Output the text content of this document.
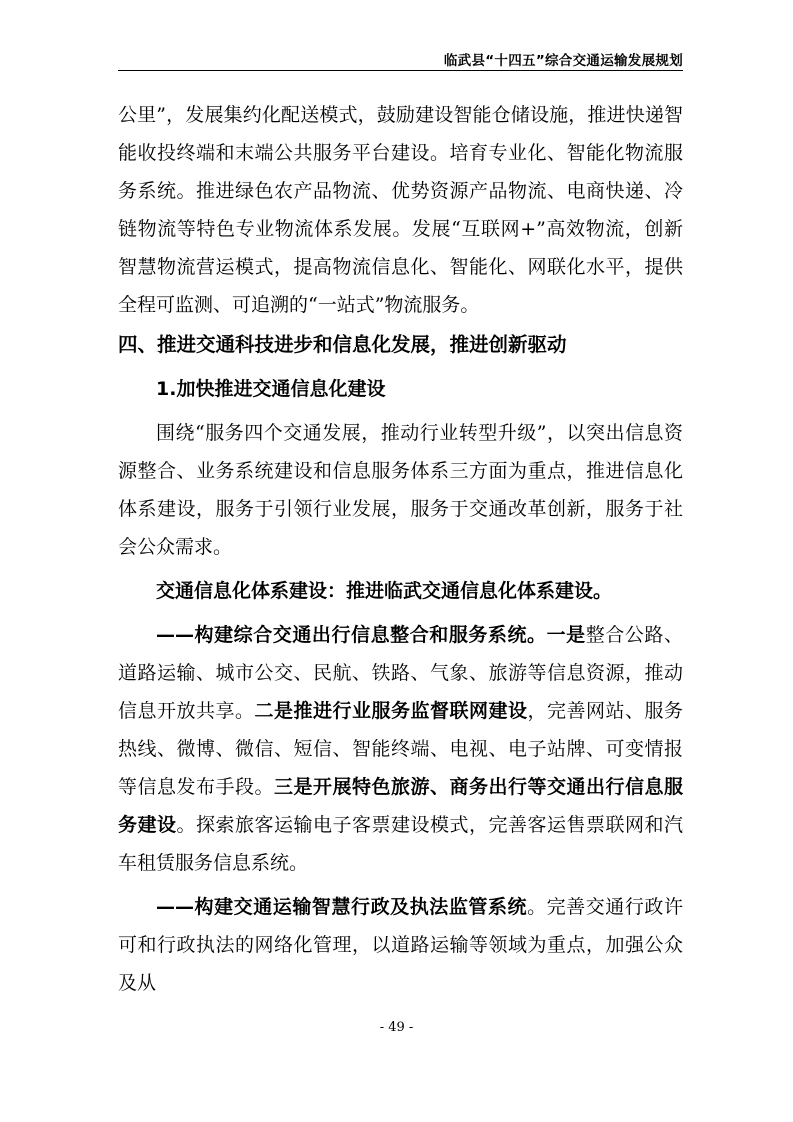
临武县“十四五”综合交通运输发展规划

公里”，发展集约化配送模式，鼓励建设智能仓储设施，推进快递智能收投终端和末端公共服务平台建设。培育专业化、智能化物流服务系统。推进绿色农产品物流、优势资源产品物流、电商快递、冷链物流等特色专业物流体系发展。发展“互联网+”高效物流，创新智慧物流营运模式，提高物流信息化、智能化、网联化水平，提供全程可监测、可追溯的“一站式”物流服务。

四、推进交通科技进步和信息化发展，推进创新驱动

1.加快推进交通信息化建设

围绕“服务四个交通发展，推动行业转型升级”，以突出信息资源整合、业务系统建设和信息服务体系三方面为重点，推进信息化体系建设，服务于引领行业发展，服务于交通改革创新，服务于社会公众需求。

交通信息化体系建设：推进临武交通信息化体系建设。

——构建综合交通出行信息整合和服务系统。一是整合公路、道路运输、城市公交、民航、铁路、气象、旅游等信息资源，推动信息开放共享。二是推进行业服务监督联网建设，完善网站、服务热线、微博、微信、短信、智能终端、电视、电子站牌、可变情报等信息发布手段。三是开展特色旅游、商务出行等交通出行信息服务建设。探索旅客运输电子客票建设模式，完善客运售票联网和汽车租赁服务信息系统。

——构建交通运输智慧行政及执法监管系统。完善交通行政许可和行政执法的网络化管理，以道路运输等领域为重点，加强公众及从

- 49 -
